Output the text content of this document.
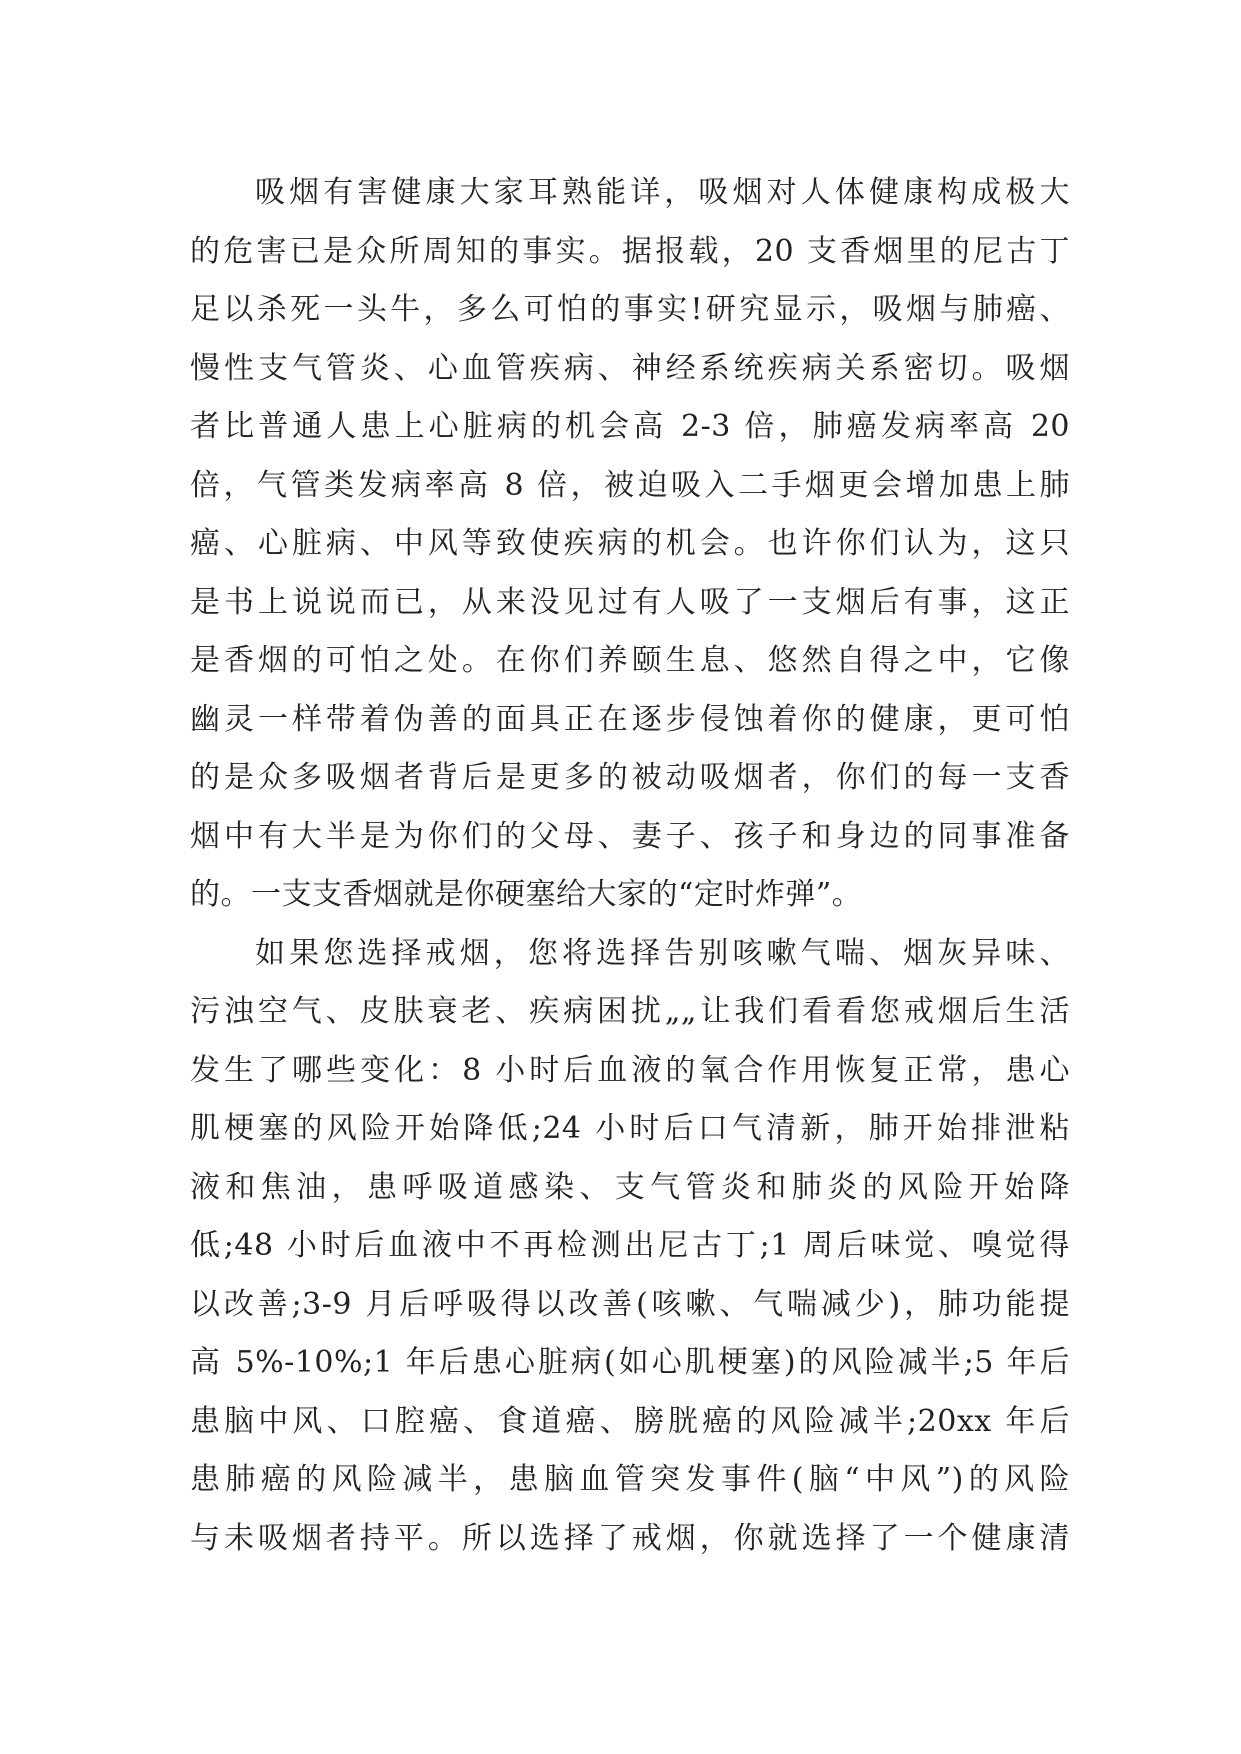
吸烟有害健康大家耳熟能详，吸烟对人体健康构成极大
的危害已是众所周知的事实。据报载，20 支香烟里的尼古丁
足以杀死一头牛，多么可怕的事实!研究显示，吸烟与肺癌、
慢性支气管炎、心血管疾病、神经系统疾病关系密切。吸烟
者比普通人患上心脏病的机会高 2-3 倍，肺癌发病率高 20
倍，气管类发病率高 8 倍，被迫吸入二手烟更会增加患上肺
癌、心脏病、中风等致使疾病的机会。也许你们认为，这只
是书上说说而已，从来没见过有人吸了一支烟后有事，这正
是香烟的可怕之处。在你们养颐生息、悠然自得之中，它像
幽灵一样带着伪善的面具正在逐步侵蚀着你的健康，更可怕
的是众多吸烟者背后是更多的被动吸烟者，你们的每一支香
烟中有大半是为你们的父母、妻子、孩子和身边的同事准备
的。一支支香烟就是你硬塞给大家的“定时炸弹”。
如果您选择戒烟，您将选择告别咳嗽气喘、烟灰异味、
污浊空气、皮肤衰老、疾病困扰„„让我们看看您戒烟后生活
发生了哪些变化：8 小时后血液的氧合作用恢复正常，患心
肌梗塞的风险开始降低;24 小时后口气清新，肺开始排泄粘
液和焦油，患呼吸道感染、支气管炎和肺炎的风险开始降
低;48 小时后血液中不再检测出尼古丁;1 周后味觉、嗅觉得
以改善;3-9 月后呼吸得以改善(咳嗽、气喘减少)，肺功能提
高 5%-10%;1 年后患心脏病(如心肌梗塞)的风险减半;5 年后
患脑中风、口腔癌、食道癌、膀胱癌的风险减半;20xx 年后
患肺癌的风险减半，患脑血管突发事件(脑“中风”)的风险
与未吸烟者持平。所以选择了戒烟，你就选择了一个健康清
